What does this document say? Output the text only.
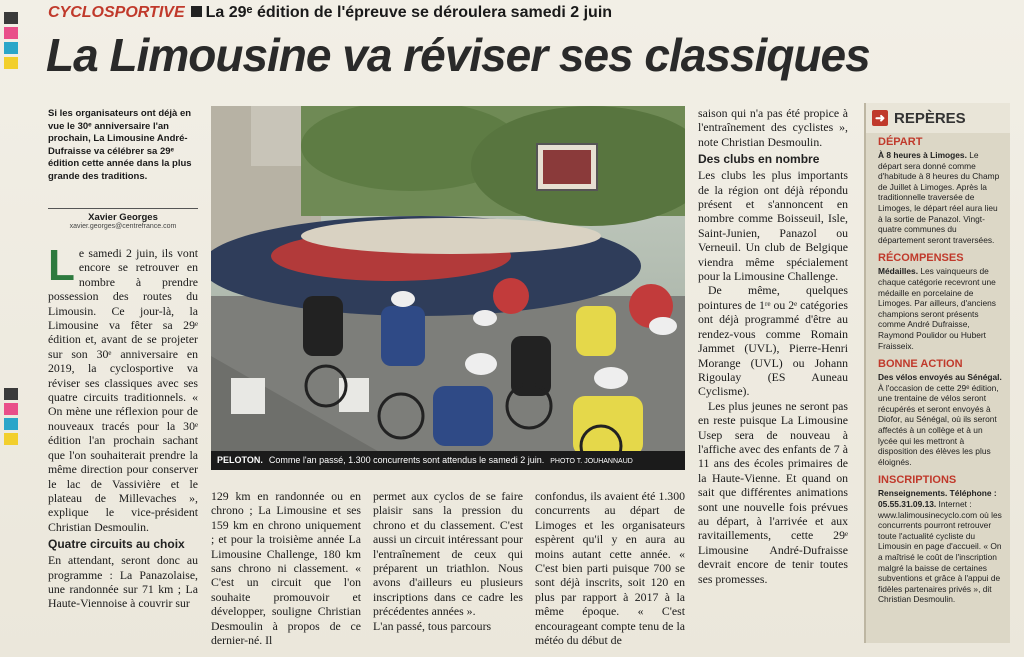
CYCLOSPORTIVE La 29ᵉ édition de l'épreuve se déroulera samedi 2 juin
La Limousine va réviser ses classiques
Si les organisateurs ont déjà en vue le 30ᵉ anniversaire l'an prochain, La Limousine André-Dufraisse va célébrer sa 29ᵉ édition cette année dans la plus grande des traditions.
Xavier Georges
xavier.georges@centrefrance.com
L e samedi 2 juin, ils vont encore se retrouver en nombre à prendre possession des routes du Limousin. Ce jour-là, la Limousine va fêter sa 29ᵉ édition et, avant de se projeter sur son 30ᵉ anniversaire en 2019, la cyclosportive va réviser ses classiques avec ses quatre circuits traditionnels. « On mène une réflexion pour de nouveaux tracés pour la 30ᵉ édition l'an prochain sachant que l'on souhaiterait prendre la même direction pour conserver le lac de Vassivière et le plateau de Millevaches », explique le vice-président Christian Desmoulin.
Quatre circuits au choix
En attendant, seront donc au programme : La Panazolaise, une randonnée sur 71 km ; La Haute-Viennoise à couvrir sur
PELOTON. Comme l'an passé, 1.300 concurrents sont attendus le samedi 2 juin. PHOTO T. JOUHANNAUD
129 km en randonnée ou en chrono ; La Limousine et ses 159 km en chrono uniquement ; et pour la troisième année La Limousine Challenge, 180 km sans chrono ni classement. « C'est un circuit que l'on souhaite promouvoir et développer, souligne Christian Desmoulin à propos de ce dernier-né. Il
permet aux cyclos de se faire plaisir sans la pression du chrono et du classement. C'est aussi un circuit intéressant pour l'entraînement de ceux qui préparent un triathlon. Nous avons d'ailleurs eu plusieurs inscriptions dans ce cadre les précédentes années ».
L'an passé, tous parcours
confondus, ils avaient été 1.300 concurrents au départ de Limoges et les organisateurs espèrent qu'il y en aura au moins autant cette année. « C'est bien parti puisque 700 se sont déjà inscrits, soit 120 en plus par rapport à 2017 à la même époque. « C'est encourageant compte tenu de la météo du début de
saison qui n'a pas été propice à l'entraînement des cyclistes », note Christian Desmoulin.
Des clubs en nombre
Les clubs les plus importants de la région ont déjà répondu présent et s'annoncent en nombre comme Boisseuil, Isle, Saint-Junien, Panazol ou Verneuil. Un club de Belgique viendra même spécialement pour la Limousine Challenge.
De même, quelques pointures de 1ʳᵉ ou 2ᵉ catégories ont déjà programmé d'être au rendez-vous comme Romain Jammet (UVL), Pierre-Henri Morange (UVL) ou Johann Rigoulay (ES Auneau Cyclisme).
Les plus jeunes ne seront pas en reste puisque La Limousine Usep sera de nouveau à l'affiche avec des enfants de 7 à 11 ans des écoles primaires de la Haute-Vienne. Et quand on sait que différentes animations sont une nouvelle fois prévues au départ, à l'arrivée et aux ravitaillements, cette 29ᵉ Limousine André-Dufraisse devrait encore de tenir toutes ses promesses.
➜ REPÈRES
DÉPART
À 8 heures à Limoges. Le départ sera donné comme d'habitude à 8 heures du Champ de Juillet à Limoges. Après la traditionnelle traversée de Limoges, le départ réel aura lieu à la sortie de Panazol. Vingt-quatre communes du département seront traversées.
RÉCOMPENSES
Médailles. Les vainqueurs de chaque catégorie recevront une médaille en porcelaine de Limoges. Par ailleurs, d'anciens champions seront présents comme André Dufraisse, Raymond Poulidor ou Hubert Fraisseix.
BONNE ACTION
Des vélos envoyés au Sénégal. À l'occasion de cette 29ᵉ édition, une trentaine de vélos seront récupérés et seront envoyés à Diofor, au Sénégal, où ils seront affectés à un collège et à un lycée qui les mettront à disposition des élèves les plus éloignés.
INSCRIPTIONS
Renseignements. Téléphone : 05.55.31.09.13. Internet : www.lalimousinecyclo.com où les concurrents pourront retrouver toute l'actualité cycliste du Limousin en page d'accueil. « On a maîtrisé le coût de l'inscription malgré la baisse de certaines subventions et grâce à l'appui de fidèles partenaires privés », dit Christian Desmoulin.
